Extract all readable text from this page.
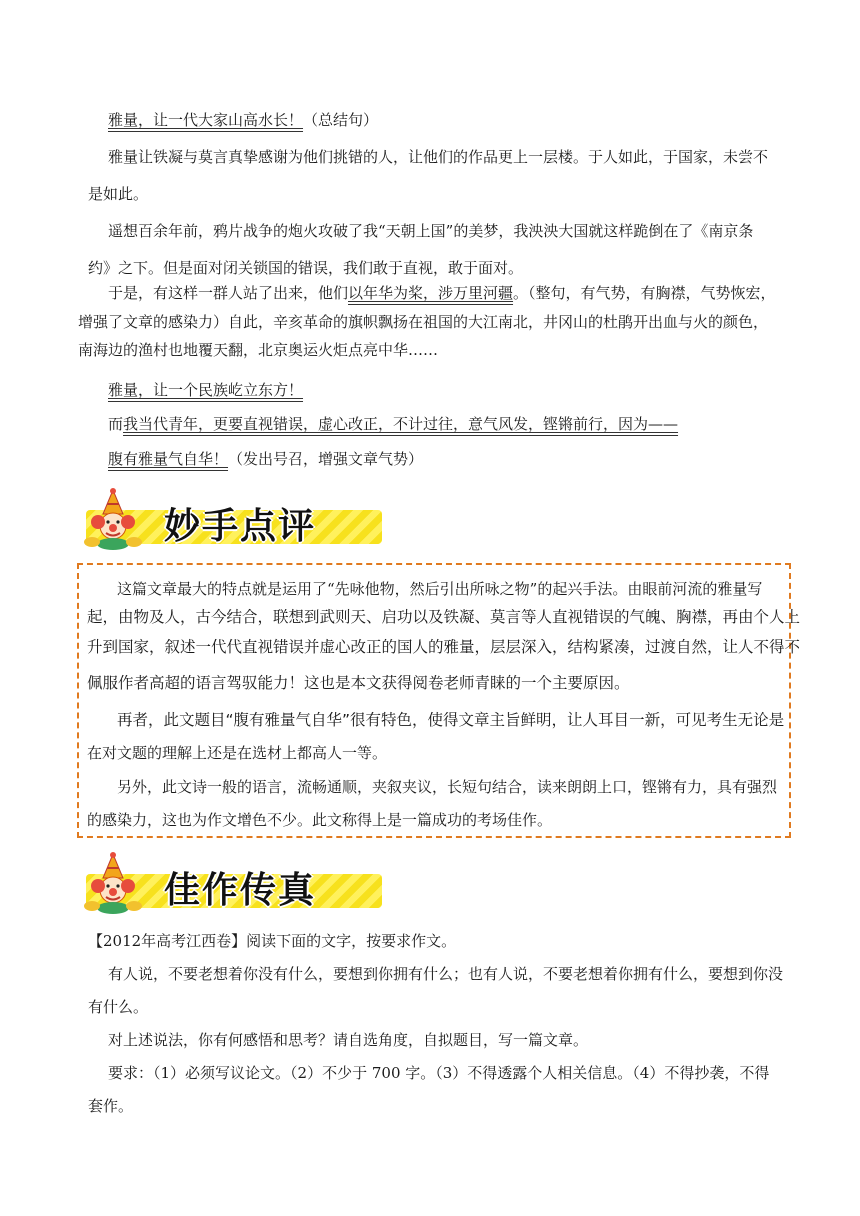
雅量，让一代大家山高水长！（总结句）
雅量让铁凝与莫言真挚感谢为他们挑错的人，让他们的作品更上一层楼。于人如此，于国家，未尝不
是如此。
遥想百余年前，鸦片战争的炮火攻破了我“天朝上国”的美梦，我泱泱大国就这样跪倒在了《南京条
约》之下。但是面对闭关锁国的错误，我们敢于直视，敢于面对。
于是，有这样一群人站了出来，他们以年华为桨，涉万里河疆。（整句，有气势，有胸襟，气势恢宏，
增强了文章的感染力）自此，辛亥革命的旗帜飘扬在祖国的大江南北，井冈山的杜鹃开出血与火的颜色，
南海边的渔村也地覆天翻，北京奥运火炬点亮中华……
雅量，让一个民族屹立东方！
而我当代青年，更要直视错误，虚心改正，不计过往，意气风发，铿锵前行，因为——
腹有雅量气自华！（发出号召，增强文章气势）
妙手点评
这篇文章最大的特点就是运用了“先咏他物，然后引出所咏之物”的起兴手法。由眼前河流的雅量写
起，由物及人，古今结合，联想到武则天、启功以及铁凝、莫言等人直视错误的气魄、胸襟，再由个人上
升到国家，叙述一代代直视错误并虚心改正的国人的雅量，层层深入，结构紧凑，过渡自然，让人不得不
佩服作者高超的语言驾驭能力！这也是本文获得阅卷老师青睐的一个主要原因。
再者，此文题目“腹有雅量气自华”很有特色，使得文章主旨鲜明，让人耳目一新，可见考生无论是
在对文题的理解上还是在选材上都高人一等。
另外，此文诗一般的语言，流畅通顺，夹叙夹议，长短句结合，读来朗朗上口，铿锵有力，具有强烈
的感染力，这也为作文增色不少。此文称得上是一篇成功的考场佳作。
佳作传真
【2012年高考江西卷】阅读下面的文字，按要求作文。
有人说，不要老想着你没有什么，要想到你拥有什么；也有人说，不要老想着你拥有什么，要想到你没
有什么。
对上述说法，你有何感悟和思考？请自选角度，自拟题目，写一篇文章。
要求：（1）必须写议论文。（2）不少于 700 字。（3）不得透露个人相关信息。（4）不得抄袭，不得
套作。
